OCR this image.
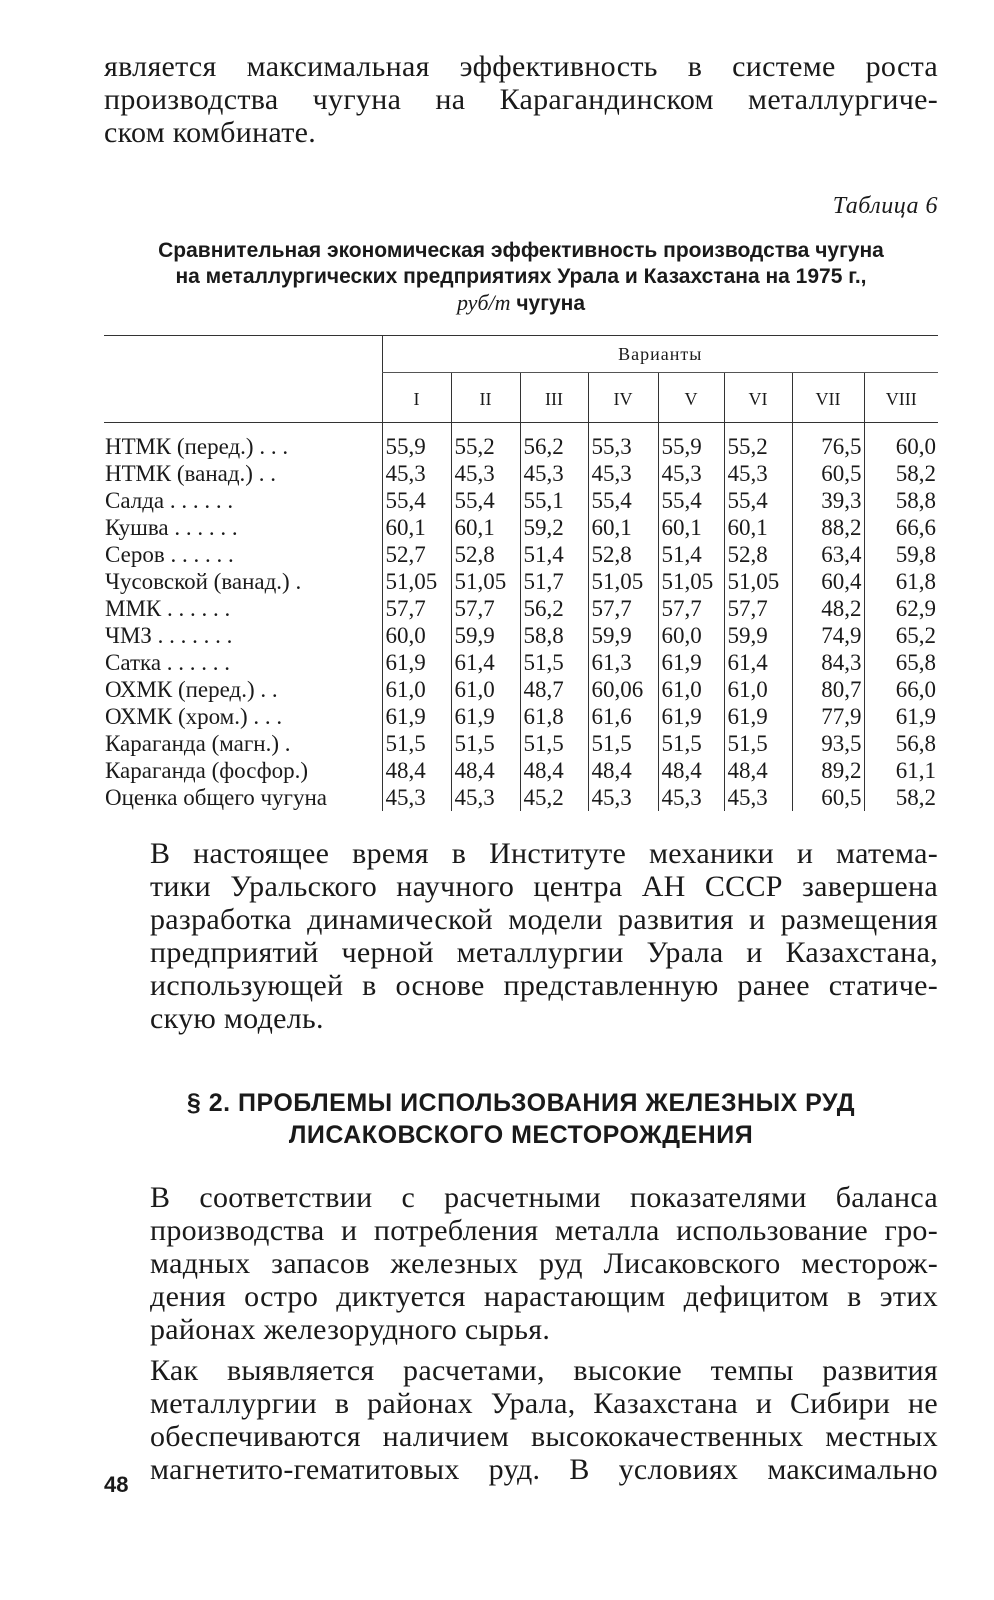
является максимальная эффективность в системе роста
производства чугуна на Карагандинском металлургиче-
ском комбинате.

Таблица 6
Сравнительная экономическая эффективность производства чугуна
на металлургических предприятиях Урала и Казахстана на 1975 г.,
руб/т чугуна

	Варианты							
	I	II	III	IV	V	VI	VII	VIII

НТМК (перед.) . . .	55,9	55,2	56,2	55,3	55,9	55,2	76,5	60,0
НТМК (ванад.) . .	45,3	45,3	45,3	45,3	45,3	45,3	60,5	58,2
Салда . . . . . .	55,4	55,4	55,1	55,4	55,4	55,4	39,3	58,8
Кушва . . . . . .	60,1	60,1	59,2	60,1	60,1	60,1	88,2	66,6
Серов . . . . . .	52,7	52,8	51,4	52,8	51,4	52,8	63,4	59,8
Чусовской (ванад.) .	51,05	51,05	51,7	51,05	51,05	51,05	60,4	61,8
ММК . . . . . .	57,7	57,7	56,2	57,7	57,7	57,7	48,2	62,9
ЧМЗ . . . . . . .	60,0	59,9	58,8	59,9	60,0	59,9	74,9	65,2
Сатка . . . . . .	61,9	61,4	51,5	61,3	61,9	61,4	84,3	65,8
ОХМК (перед.) . .	61,0	61,0	48,7	60,06	61,0	61,0	80,7	66,0
ОХМК (хром.) . . .	61,9	61,9	61,8	61,6	61,9	61,9	77,9	61,9
Караганда (магн.) .	51,5	51,5	51,5	51,5	51,5	51,5	93,5	56,8
Караганда (фосфор.)	48,4	48,4	48,4	48,4	48,4	48,4	89,2	61,1
Оценка общего чугуна	45,3	45,3	45,2	45,3	45,3	45,3	60,5	58,2

В настоящее время в Институте механики и матема-
тики Уральского научного центра АН СССР завершена
разработка динамической модели развития и размещения
предприятий черной металлургии Урала и Казахстана,
использующей в основе представленную ранее статиче-
скую модель.

§ 2. ПРОБЛЕМЫ ИСПОЛЬЗОВАНИЯ ЖЕЛЕЗНЫХ РУД
ЛИСАКОВСКОГО МЕСТОРОЖДЕНИЯ

В соответствии с расчетными показателями баланса
производства и потребления металла использование гро-
мадных запасов железных руд Лисаковского месторож-
дения остро диктуется нарастающим дефицитом в этих
районах железорудного сырья.

Как выявляется расчетами, высокие темпы развития
металлургии в районах Урала, Казахстана и Сибири не
обеспечиваются наличием высококачественных местных
магнетито-гематитовых руд. В условиях максимально

48
